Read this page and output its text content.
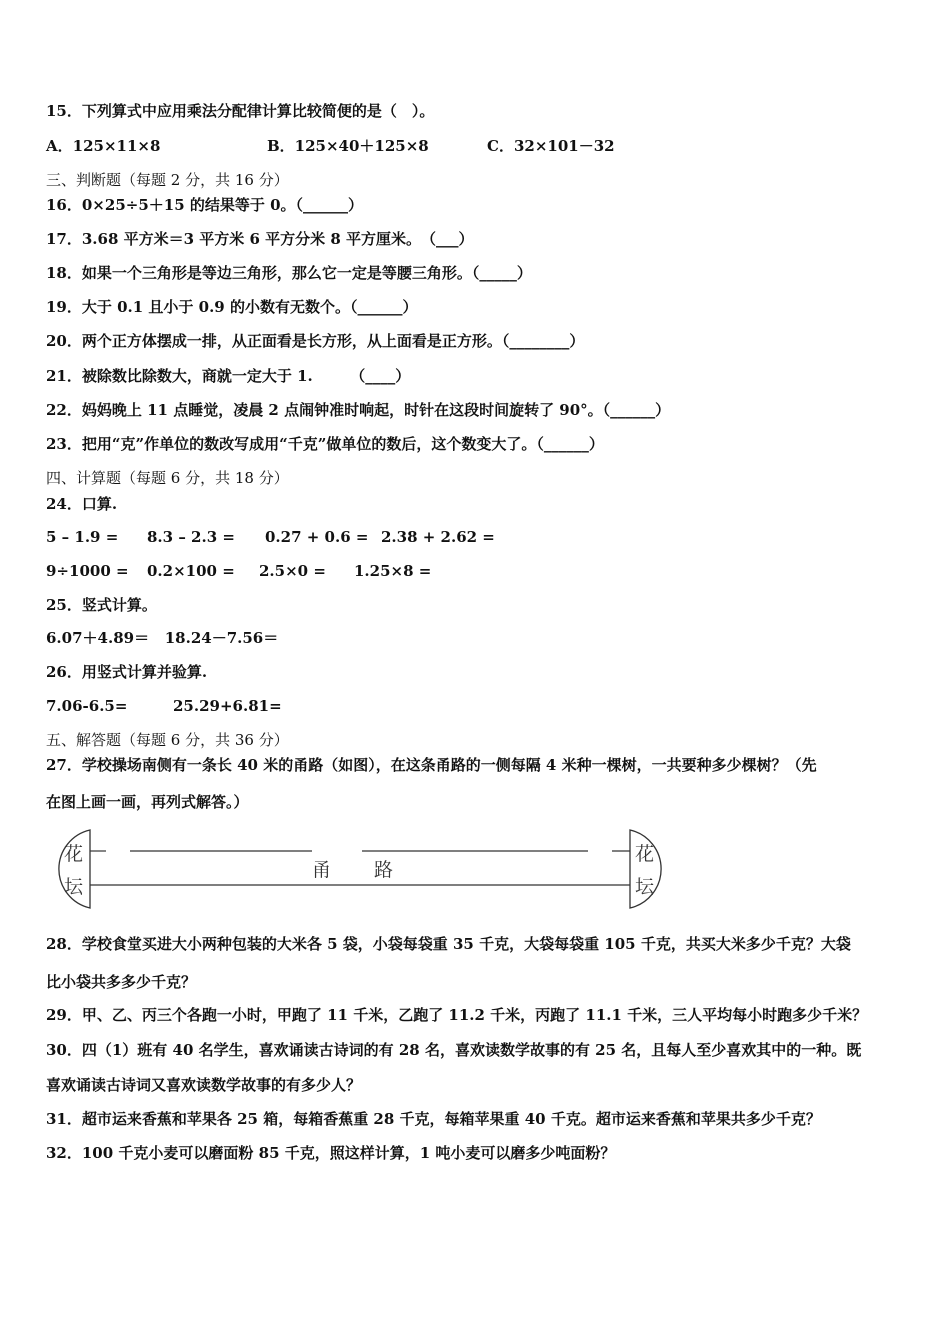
15．下列算式中应用乘法分配律计算比较简便的是（　）。
A．125×11×8	B．125×40＋125×8	C．32×101－32
三、判断题（每题 2 分，共 16 分）
16．0×25÷5＋15 的结果等于 0。（______）
17．3.68 平方米＝3 平方米 6 平方分米 8 平方厘米。　（___）
18．如果一个三角形是等边三角形，那么它一定是等腰三角形。（_____）
19．大于 0.1 且小于 0.9 的小数有无数个。（______）
20．两个正方体摆成一排，从正面看是长方形，从上面看是正方形。（________）
21．被除数比除数大，商就一定大于 1.　　　（____）
22．妈妈晚上 11 点睡觉，凌晨 2 点闹钟准时响起，时针在这段时间旋转了 90°。（______）
23．把用“克”作单位的数改写成用“千克”做单位的数后，这个数变大了。（______）
四、计算题（每题 6 分，共 18 分）
24．口算.
5 – 1.9 = 8.3 – 2.3 = 0.27 + 0.6 = 2.38 + 2.62 =
9÷1000 = 0.2×100 = 2.5×0 = 1.25×8 =
25．竖式计算。
6.07＋4.89＝   18.24－7.56＝
26．用竖式计算并验算.
7.06-6.5=	25.29+6.81=
五、解答题（每题 6 分，共 36 分）
27．学校操场南侧有一条长 40 米的甬路（如图），在这条甬路的一侧每隔 4 米种一棵树，一共要种多少棵树？（先
在图上画一画，再列式解答。）
花
坛
花
坛
甬 路
28．学校食堂买进大小两种包装的大米各 5 袋，小袋每袋重 35 千克，大袋每袋重 105 千克，共买大米多少千克？大袋
比小袋共多多少千克？
29．甲、乙、丙三个各跑一小时，甲跑了 11 千米，乙跑了 11.2 千米，丙跑了 11.1 千米，三人平均每小时跑多少千米？
30．四（1）班有 40 名学生，喜欢诵读古诗词的有 28 名，喜欢读数学故事的有 25 名，且每人至少喜欢其中的一种。既
喜欢诵读古诗词又喜欢读数学故事的有多少人？
31．超市运来香蕉和苹果各 25 箱，每箱香蕉重 28 千克，每箱苹果重 40 千克。超市运来香蕉和苹果共多少千克？
32．100 千克小麦可以磨面粉 85 千克，照这样计算，1 吨小麦可以磨多少吨面粉？
